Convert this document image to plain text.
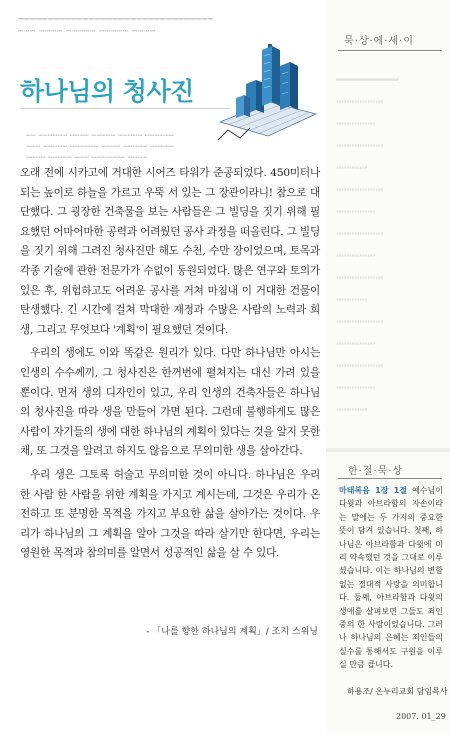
━━━━━━━━━━━━━━━━━━━━━━━━━━━━━━━━━
┅┅┅ ┅┅┅┅ ┅┅┅┅┅ ┅┅┅┅┅ ┅┅┅┅
하나님의 청사진
┅┅ ┅┅┅┅┅┅ ┅┅┅┅ ┅┅┅┅┅ ┅┅┅┅┅ ┅┅┅┅┅┅
┅┅┅ ┅┅┅┅┅ ┅┅┅┅┅┅ ┅┅┅┅ ┅┅┅┅┅ ┅┅┅┅┅
┅┅┅┅ ┅┅┅┅┅ ┅┅┅ ┅┅┅┅┅┅┅ ┅┅┅┅

오래 전에 시카고에 거대한 시어즈 타워가 준공되었다. 450미터나 되는 높이로 하늘을 가르고 우뚝 서 있는 그 장관이라니! 참으로 대단했다. 그 굉장한 건축물을 보는 사람들은 그 빌딩을 짓기 위해 필요했던 어마어마한 공력과 어려웠던 공사 과정을 떠올린다. 그 빌딩을 짓기 위해 그려진 청사진만 해도 수천, 수만 장이었으며, 토목과 각종 기술에 관한 전문가가 수없이 동원되었다. 많은 연구와 토의가 있은 후, 위험하고도 어려운 공사를 거쳐 마침내 이 거대한 건물이 탄생했다. 긴 시간에 걸쳐 막대한 재정과 수많은 사람의 노력과 희생, 그리고 무엇보다 '계획'이 필요했던 것이다.

우리의 생에도 이와 똑같은 원리가 있다. 다만 하나님만 아시는 인생의 수수께끼, 그 청사진은 한꺼번에 펼쳐지는 대신 가려 있을 뿐이다. 먼저 생의 디자인이 있고, 우리 인생의 건축자들은 하나님의 청사진을 따라 생을 만들어 가면 된다. 그런데 불행하게도 많은 사람이 자기들의 생에 대한 하나님의 계획이 있다는 것을 알지 못한 채, 또 그것을 알려고 하지도 않음으로 무의미한 생을 살아간다.

우리 생은 그토록 허술고 무의미한 것이 아니다. 하나님은 우리 한 사람 한 사람을 위한 계획을 가지고 계시는데, 그것은 우리가 온전하고 또 분명한 목적을 가지고 부요한 삶을 살아가는 것이다. 우리가 하나님의 그 계획을 알아 그것을 따라 살기만 한다면, 우리는 영원한 목적과 참의미를 알면서 성공적인 삶을 살 수 있다.

- 「나를 향한 하나님의 계획」/ 조지 스위닝
묵·상·에·세·이
━━━━━━━━
┅┅┅┅┅┅
┅┅┅┅┅
┅┅┅┅┅┅
┅┅┅┅
┅┅┅┅┅┅
┅┅┅┅┅
┅┅┅┅┅┅
┅┅┅┅┅
┅┅┅┅┅┅
┅┅┅┅
┅┅┅┅┅┅
┅┅┅┅┅
┅┅┅┅┅┅
┅┅┅┅┅
┅┅┅┅
한·절·묵·상
마태복음 1장 1절 예수님이 다윗과 아브라함의 자손이라는 말에는 두 가지의 중요한 뜻이 담겨 있습니다. 첫째, 하나님은 아브라함과 다윗에 미리 약속했던 것을 그대로 이루셨습니다. 이는 하나님의 변함없는 절대적 사랑을 의미합니다. 둘째, 아브라함과 다윗의 생애를 살펴보면 그들도 죄인 중의 한 사람이었습니다. 그러나 하나님의 은혜는 죄인들의 실수를 통해서도 구원을 이루실 만큼 큽니다.
하용조/ 온누리교회 담임목사
2007. 01_29
